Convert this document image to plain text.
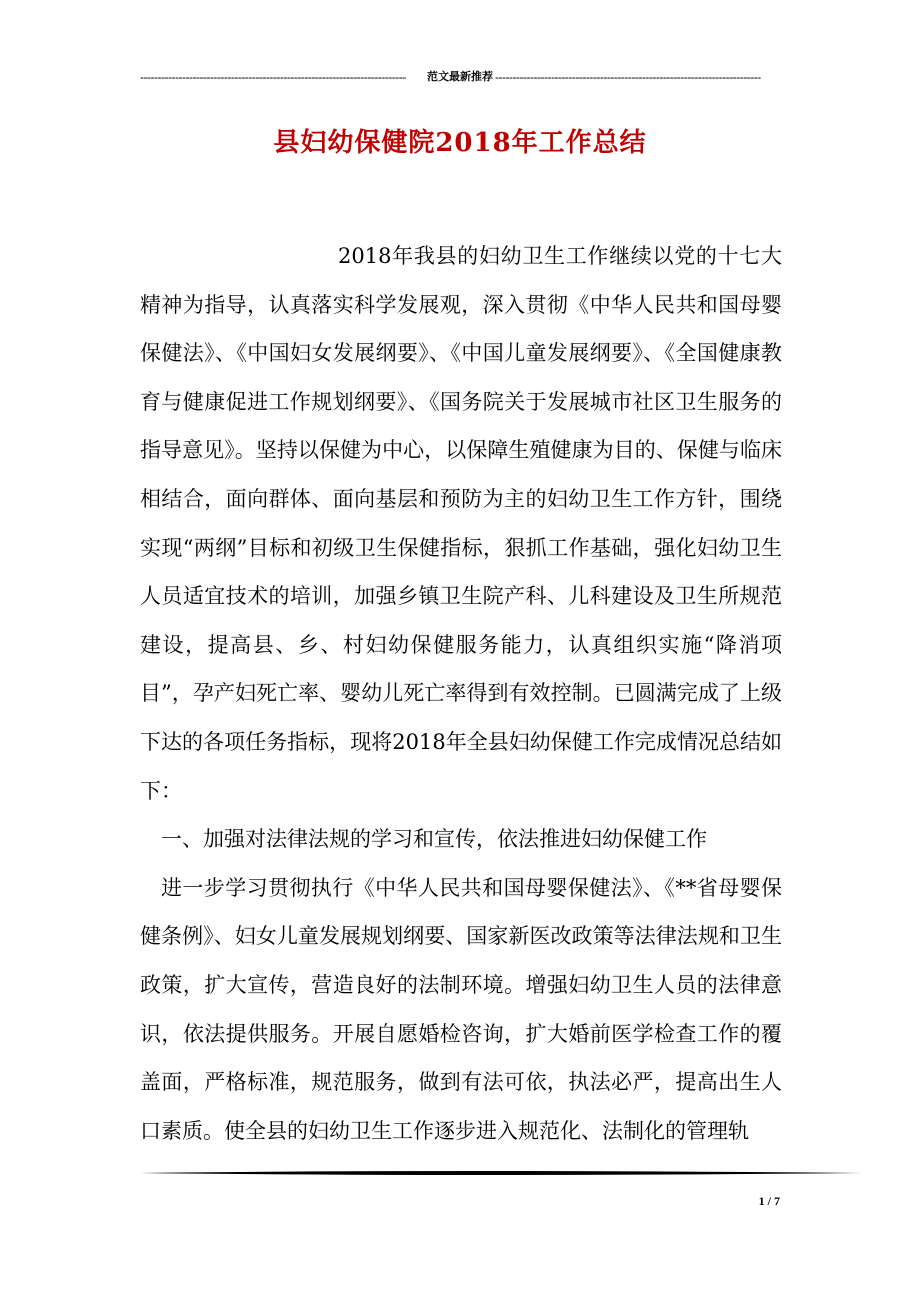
----------------------------------------------------------------------------	范文最新推荐 ----------------------------------------------------------------------------
县妇幼保健院2018年工作总结

2018年我县的妇幼卫生工作继续以党的十七大精神为指导，认真落实科学发展观，深入贯彻《中华人民共和国母婴保健法》、《中国妇女发展纲要》、《中国儿童发展纲要》、《全国健康教育与健康促进工作规划纲要》、《国务院关于发展城市社区卫生服务的指导意见》。坚持以保健为中心，以保障生殖健康为目的、保健与临床相结合，面向群体、面向基层和预防为主的妇幼卫生工作方针，围绕实现“两纲”目标和初级卫生保健指标，狠抓工作基础，强化妇幼卫生人员适宜技术的培训，加强乡镇卫生院产科、儿科建设及卫生所规范建设，提高县、乡、村妇幼保健服务能力，认真组织实施“降消项目”，孕产妇死亡率、婴幼儿死亡率得到有效控制。已圆满完成了上级下达的各项任务指标，现将2018年全县妇幼保健工作完成情况总结如下：

一、加强对法律法规的学习和宣传，依法推进妇幼保健工作

进一步学习贯彻执行《中华人民共和国母婴保健法》、《**省母婴保健条例》、妇女儿童发展规划纲要、国家新医改政策等法律法规和卫生政策，扩大宣传，营造良好的法制环境。增强妇幼卫生人员的法律意识，依法提供服务。开展自愿婚检咨询，扩大婚前医学检查工作的覆盖面，严格标准，规范服务，做到有法可依，执法必严，提高出生人口素质。使全县的妇幼卫生工作逐步进入规范化、法制化的管理轨

1 / 7
